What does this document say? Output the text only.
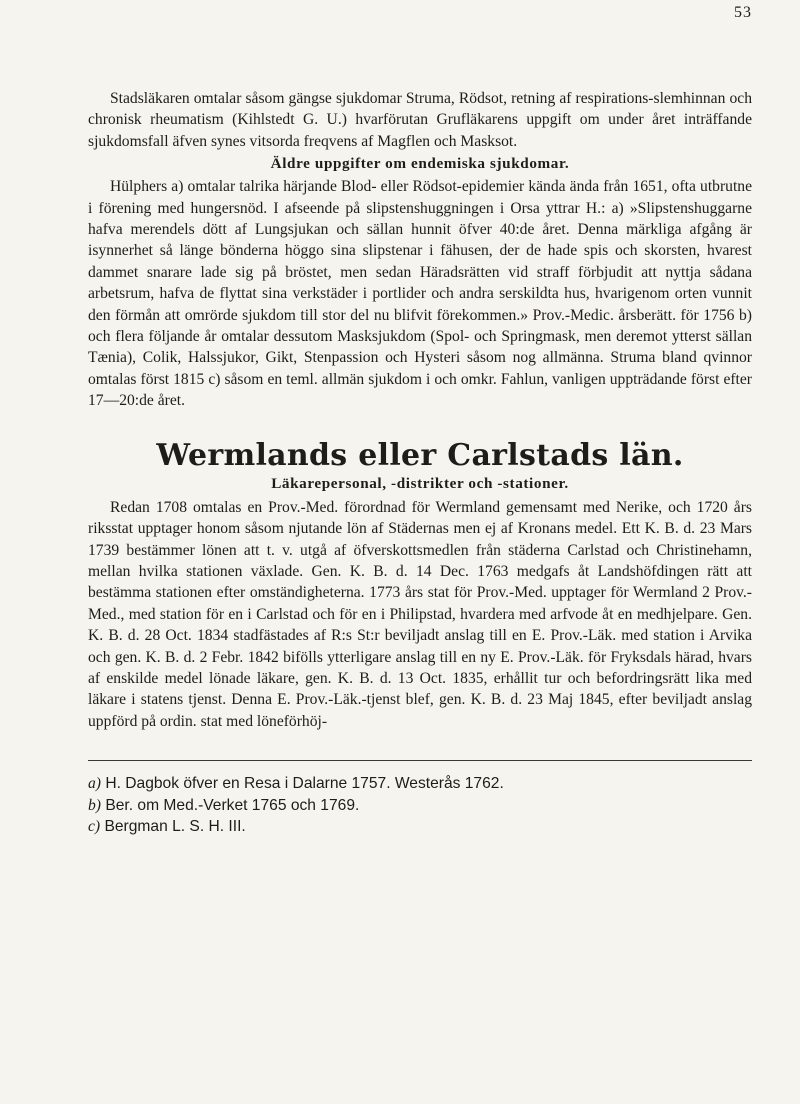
53

Stadsläkaren omtalar såsom gängse sjukdomar Struma, Rödsot, retning af respirations-slemhinnan och chronisk rheumatism (Kihlstedt G. U.) hvarförutan Grufläkarens uppgift om under året inträffande sjukdomsfall äfven synes vitsorda freqvens af Magflen och Masksot.

Äldre uppgifter om endemiska sjukdomar.

Hülphers a) omtalar talrika härjande Blod- eller Rödsot-epidemier kända ända från 1651, ofta utbrutne i förening med hungersnöd. I afseende på slipstenshuggningen i Orsa yttrar H.: a) »Slipstenshuggarne hafva merendels dött af Lungsjukan och sällan hunnit öfver 40:de året. Denna märkliga afgång är isynnerhet så länge bönderna höggo sina slipstenar i fähusen, der de hade spis och skorsten, hvarest dammet snarare lade sig på bröstet, men sedan Häradsrätten vid straff förbjudit att nyttja sådana arbetsrum, hafva de flyttat sina verkstäder i portlider och andra serskildta hus, hvarigenom orten vunnit den förmån att omrörde sjukdom till stor del nu blifvit förekommen.» Prov.-Medic. årsberätt. för 1756 b) och flera följande år omtalar dessutom Masksjukdom (Spol- och Springmask, men deremot ytterst sällan Tænia), Colik, Halssjukor, Gikt, Stenpassion och Hysteri såsom nog allmänna. Struma bland qvinnor omtalas först 1815 c) såsom en teml. allmän sjukdom i och omkr. Fahlun, vanligen uppträdande först efter 17—20:de året.

Wermlands eller Carlstads län.
Läkarepersonal, -distrikter och -stationer.

Redan 1708 omtalas en Prov.-Med. förordnad för Wermland gemensamt med Nerike, och 1720 års riksstat upptager honom såsom njutande lön af Städernas men ej af Kronans medel. Ett K. B. d. 23 Mars 1739 bestämmer lönen att t. v. utgå af öfverskottsmedlen från städerna Carlstad och Christinehamn, mellan hvilka stationen växlade. Gen. K. B. d. 14 Dec. 1763 medgafs åt Landshöfdingen rätt att bestämma stationen efter omständigheterna. 1773 års stat för Prov.-Med. upptager för Wermland 2 Prov.-Med., med station för en i Carlstad och för en i Philipstad, hvardera med arfvode åt en medhjelpare. Gen. K. B. d. 28 Oct. 1834 stadfästades af R:s St:r beviljadt anslag till en E. Prov.-Läk. med station i Arvika och gen. K. B. d. 2 Febr. 1842 bifölls ytterligare anslag till en ny E. Prov.-Läk. för Fryksdals härad, hvars af enskilde medel lönade läkare, gen. K. B. d. 13 Oct. 1835, erhållit tur och befordringsrätt lika med läkare i statens tjenst. Denna E. Prov.-Läk.-tjenst blef, gen. K. B. d. 23 Maj 1845, efter beviljadt anslag uppförd på ordin. stat med löneförhöj-

a) H. Dagbok öfver en Resa i Dalarne 1757. Westerås 1762.

b) Ber. om Med.-Verket 1765 och 1769.

c) Bergman L. S. H. III.
